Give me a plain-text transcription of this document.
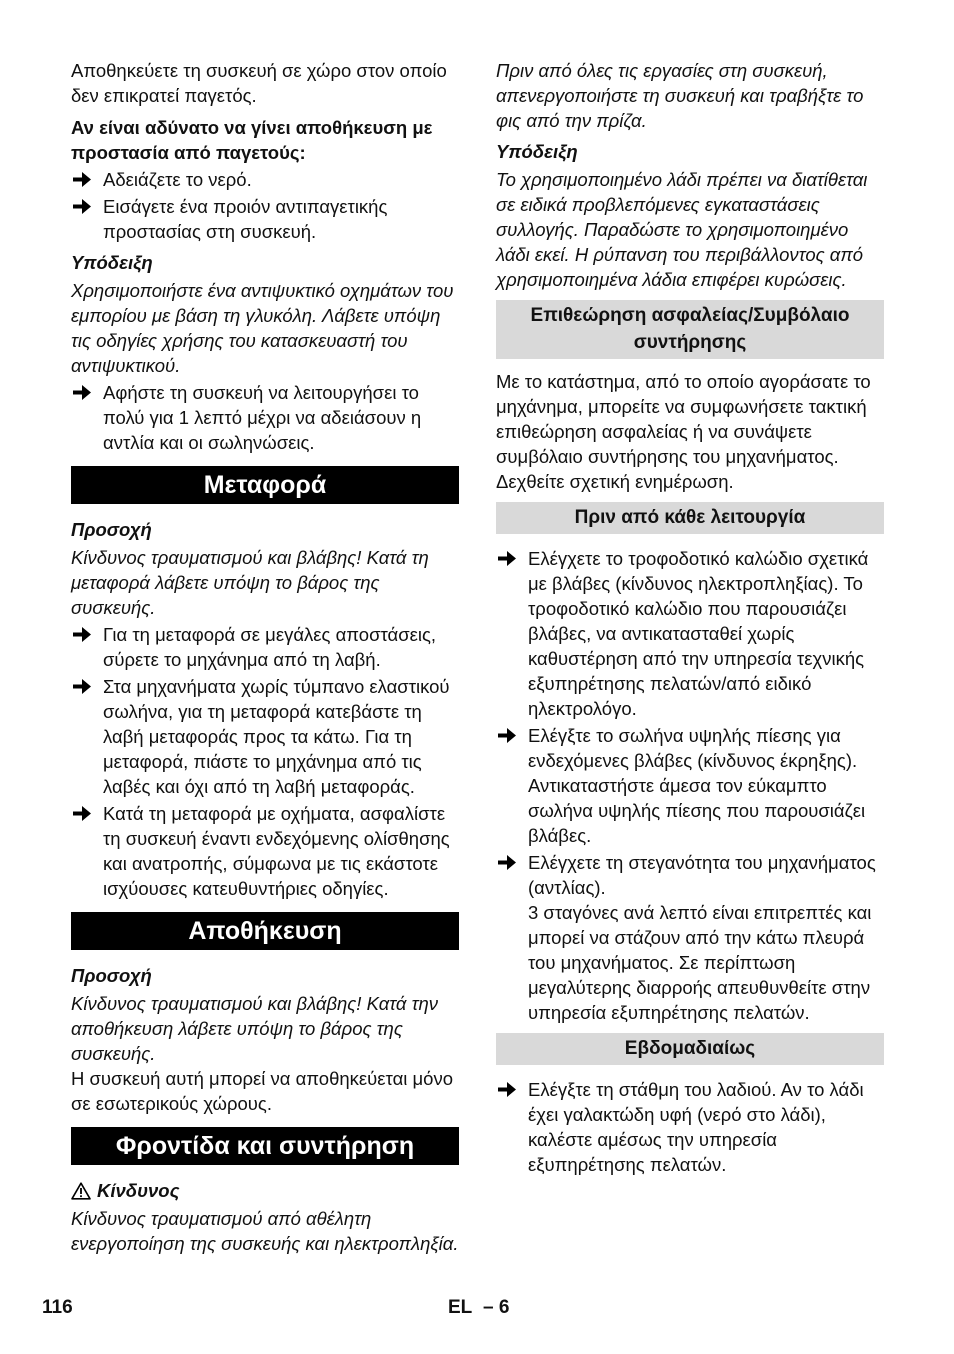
Αποθηκεύετε τη συσκευή σε χώρο στον οποίο δεν επικρατεί παγετός.

Αν είναι αδύνατο να γίνει αποθήκευση με προστασία από παγετούς:

Αδειάζετε το νερό.

Εισάγετε ένα προιόν αντιπαγετικής προστασίας στη συσκευή.

Υπόδειξη

Χρησιμοποιήστε ένα αντιψυκτικό οχημάτων του εμπορίου με βάση τη γλυκόλη. Λάβετε υπόψη τις οδηγίες χρήσης του κατασκευαστή του αντιψυκτικού.

Αφήστε τη συσκευή να λειτουργήσει το πολύ για 1 λεπτό μέχρι να αδειάσουν η αντλία και οι σωληνώσεις.

Μεταφορά

Προσοχή

Κίνδυνος τραυματισμού και βλάβης! Κατά τη μεταφορά λάβετε υπόψη το βάρος της συσκευής.

Για τη μεταφορά σε μεγάλες αποστάσεις, σύρετε το μηχάνημα από τη λαβή.

Στα μηχανήματα χωρίς τύμπανο ελαστικού σωλήνα, για τη μεταφορά κατεβάστε τη λαβή μεταφοράς προς τα κάτω. Για τη μεταφορά, πιάστε το μηχάνημα από τις λαβές και όχι από τη λαβή μεταφοράς.

Κατά τη μεταφορά με οχήματα, ασφαλίστε τη συσκευή έναντι ενδεχόμενης ολίσθησης και ανατροπής, σύμφωνα με τις εκάστοτε ισχύουσες κατευθυντήριες οδηγίες.

Αποθήκευση

Προσοχή

Κίνδυνος τραυματισμού και βλάβης! Κατά την αποθήκευση λάβετε υπόψη το βάρος της συσκευής.

Η συσκευή αυτή μπορεί να αποθηκεύεται μόνο σε εσωτερικούς χώρους.

Φροντίδα και συντήρηση

Κίνδυνος

Κίνδυνος τραυματισμού από αθέλητη ενεργοποίηση της συσκευής και ηλεκτροπληξία.

Πριν από όλες τις εργασίες στη συσκευή, απενεργοποιήστε τη συσκευή και τραβήξτε το φις από την πρίζα.

Υπόδειξη

Το χρησιμοποιημένο λάδι πρέπει να διατίθεται σε ειδικά προβλεπόμενες εγκαταστάσεις συλλογής. Παραδώστε το χρησιμοποιημένο λάδι εκεί. Η ρύπανση του περιβάλλοντος από χρησιμοποιημένα λάδια επιφέρει κυρώσεις.

Επιθεώρηση ασφαλείας/Συμβόλαιο συντήρησης

Με το κατάστημα, από το οποίο αγοράσατε το μηχάνημα, μπορείτε να συμφωνήσετε τακτική επιθεώρηση ασφαλείας ή να συνάψετε συμβόλαιο συντήρησης του μηχανήματος. Δεχθείτε σχετική ενημέρωση.

Πριν από κάθε λειτουργία

Ελέγχετε το τροφοδοτικό καλώδιο σχετικά με βλάβες (κίνδυνος ηλεκτροπληξίας). Το τροφοδοτικό καλώδιο που παρουσιάζει βλάβες, να αντικατασταθεί χωρίς καθυστέρηση από την υπηρεσία τεχνικής εξυπηρέτησης πελατών/από ειδικό ηλεκτρολόγο.

Ελέγξτε το σωλήνα υψηλής πίεσης για ενδεχόμενες βλάβες (κίνδυνος έκρηξης).

Αντικαταστήστε άμεσα τον εύκαμπτο σωλήνα υψηλής πίεσης που παρουσιάζει βλάβες.

Ελέγχετε τη στεγανότητα του μηχανήματος (αντλίας).

3 σταγόνες ανά λεπτό είναι επιτρεπτές και μπορεί να στάζουν από την κάτω πλευρά του μηχανήματος. Σε περίπτωση μεγαλύτερης διαρροής απευθυνθείτε στην υπηρεσία εξυπηρέτησης πελατών.

Εβδομαδιαίως

Ελέγξτε τη στάθμη του λαδιού. Αν το λάδι έχει γαλακτώδη υφή (νερό στο λάδι), καλέστε αμέσως την υπηρεσία εξυπηρέτησης πελατών.

116	EL – 6
